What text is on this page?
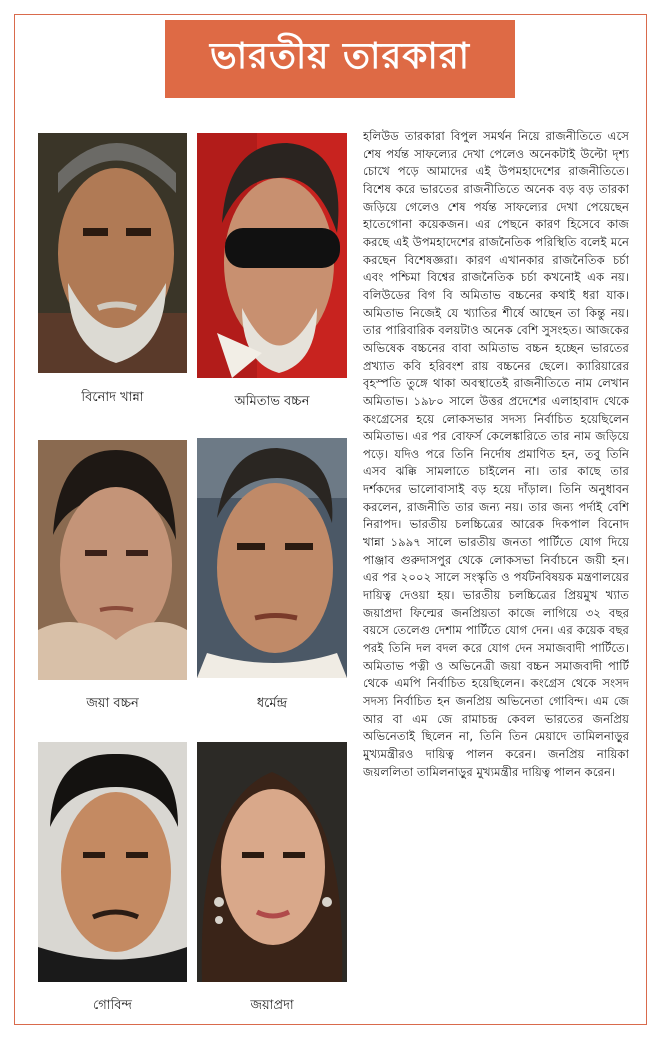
ভারতীয় তারকারা
বিনোদ খান্না	অমিতাভ বচ্চন
জয়া বচ্চন	ধর্মেন্দ্র
গোবিন্দ	জয়াপ্রদা
হলিউড তারকারা বিপুল সমর্থন নিয়ে রাজনীতিতে এসে শেষ পর্যন্ত সাফল্যের দেখা পেলেও অনেকটাই উল্টো দৃশ্য চোখে পড়ে আমাদের এই উপমহাদেশের রাজনীতিতে। বিশেষ করে ভারতের রাজনীতিতে অনেক বড় বড় তারকা জড়িয়ে গেলেও শেষ পর্যন্ত সাফল্যের দেখা পেয়েছেন হাতেগোনা কয়েকজন। এর পেছনে কারণ হিসেবে কাজ করছে এই উপমহাদেশের রাজনৈতিক পরিস্থিতি বলেই মনে করছেন বিশেষজ্ঞরা। কারণ এখানকার রাজনৈতিক চর্চা এবং পশ্চিমা বিশ্বের রাজনৈতিক চর্চা কখনোই এক নয়। বলিউডের বিগ বি অমিতাভ বচ্চনের কথাই ধরা যাক। অমিতাভ নিজেই যে খ্যাতির শীর্ষে আছেন তা কিন্তু নয়। তার পারিবারিক বলয়টাও অনেক বেশি সুসংহত। আজকের অভিষেক বচ্চনের বাবা অমিতাভ বচ্চন হচ্ছেন ভারতের প্রখ্যাত কবি হরিবংশ রায় বচ্চনের ছেলে। ক্যারিয়ারের বৃহস্পতি তুঙ্গে থাকা অবস্থাতেই রাজনীতিতে নাম লেখান অমিতাভ। ১৯৮০ সালে উত্তর প্রদেশের এলাহাবাদ থেকে কংগ্রেসের হয়ে লোকসভার সদস্য নির্বাচিত হয়েছিলেন অমিতাভ। এর পর বোফর্স কেলেঙ্কারিতে তার নাম জড়িয়ে পড়ে। যদিও পরে তিনি নির্দোষ প্রমাণিত হন, তবু তিনি এসব ঝক্কি সামলাতে চাইলেন না। তার কাছে তার দর্শকদের ভালোবাসাই বড় হয়ে দাঁড়াল। তিনি অনুধাবন করলেন, রাজনীতি তার জন্য নয়। তার জন্য পর্দাই বেশি নিরাপদ। ভারতীয় চলচ্চিত্রের আরেক দিকপাল বিনোদ খান্না ১৯৯৭ সালে ভারতীয় জনতা পার্টিতে যোগ দিয়ে পাঞ্জাব গুরুদাসপুর থেকে লোকসভা নির্বাচনে জয়ী হন। এর পর ২০০২ সালে সংস্কৃতি ও পর্যটনবিষয়ক মন্ত্রণালয়ের দায়িত্ব দেওয়া হয়। ভারতীয় চলচ্চিত্রের প্রিয়মুখ খ্যাত জয়াপ্রদা ফিল্মের জনপ্রিয়তা কাজে লাগিয়ে ৩২ বছর বয়সে তেলেগু দেশাম পার্টিতে যোগ দেন। এর কয়েক বছর পরই তিনি দল বদল করে যোগ দেন সমাজবাদী পার্টিতে। অমিতাভ পত্নী ও অভিনেত্রী জয়া বচ্চন সমাজবাদী পার্টি থেকে এমপি নির্বাচিত হয়েছিলেন। কংগ্রেস থেকে সংসদ সদস্য নির্বাচিত হন জনপ্রিয় অভিনেতা গোবিন্দ। এম জে আর বা এম জে রামাচন্দ্র কেবল ভারতের জনপ্রিয় অভিনেতাই ছিলেন না, তিনি তিন মেয়াদে তামিলনাড়ুর মুখ্যমন্ত্রীরও দায়িত্ব পালন করেন। জনপ্রিয় নায়িকা জয়ললিতা তামিলনাড়ুর মুখ্যমন্ত্রীর দায়িত্ব পালন করেন।
